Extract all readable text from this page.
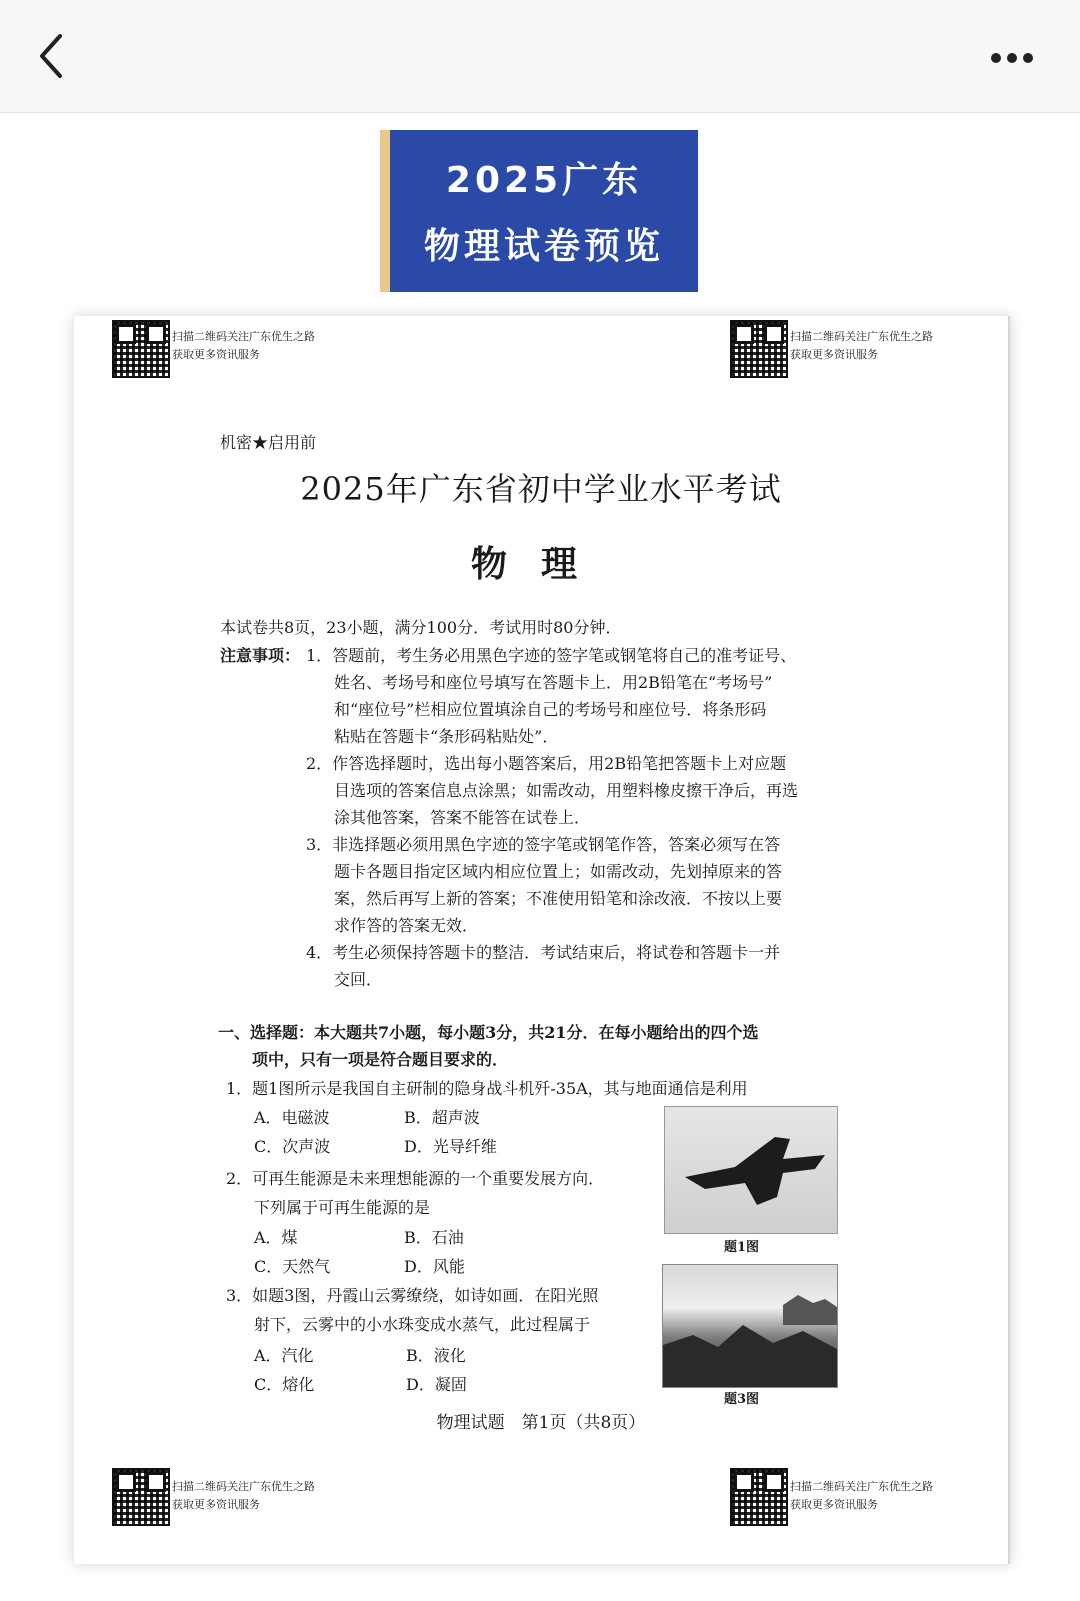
2025广东
物理试卷预览
扫描二维码关注广东优生之路
获取更多资讯服务
扫描二维码关注广东优生之路
获取更多资讯服务
机密★启用前
2025年广东省初中学业水平考试
物理
本试卷共8页，23小题，满分100分．考试用时80分钟．
注意事项： 1．答题前，考生务必用黑色字迹的签字笔或钢笔将自己的准考证号、
姓名、考场号和座位号填写在答题卡上．用2B铅笔在“考场号”
和“座位号”栏相应位置填涂自己的考场号和座位号．将条形码
粘贴在答题卡“条形码粘贴处”．
2．作答选择题时，选出每小题答案后，用2B铅笔把答题卡上对应题
目选项的答案信息点涂黑；如需改动，用塑料橡皮擦干净后，再选
涂其他答案，答案不能答在试卷上．
3．非选择题必须用黑色字迹的签字笔或钢笔作答，答案必须写在答
题卡各题目指定区域内相应位置上；如需改动，先划掉原来的答
案，然后再写上新的答案；不准使用铅笔和涂改液．不按以上要
求作答的答案无效．
4．考生必须保持答题卡的整洁．考试结束后，将试卷和答题卡一并
交回．
一、选择题：本大题共7小题，每小题3分，共21分．在每小题给出的四个选
项中，只有一项是符合题目要求的．
1．题1图所示是我国自主研制的隐身战斗机歼-35A，其与地面通信是利用
A．电磁波	B．超声波
C．次声波	D．光导纤维
2．可再生能源是未来理想能源的一个重要发展方向．
下列属于可再生能源的是
A．煤	B．石油
C．天然气	D．风能
3．如题3图，丹霞山云雾缭绕，如诗如画．在阳光照
射下，云雾中的小水珠变成水蒸气，此过程属于
A．汽化	B．液化
C．熔化	D．凝固
题1图
题3图
物理试题　第1页（共8页）
扫描二维码关注广东优生之路
获取更多资讯服务
扫描二维码关注广东优生之路
获取更多资讯服务
